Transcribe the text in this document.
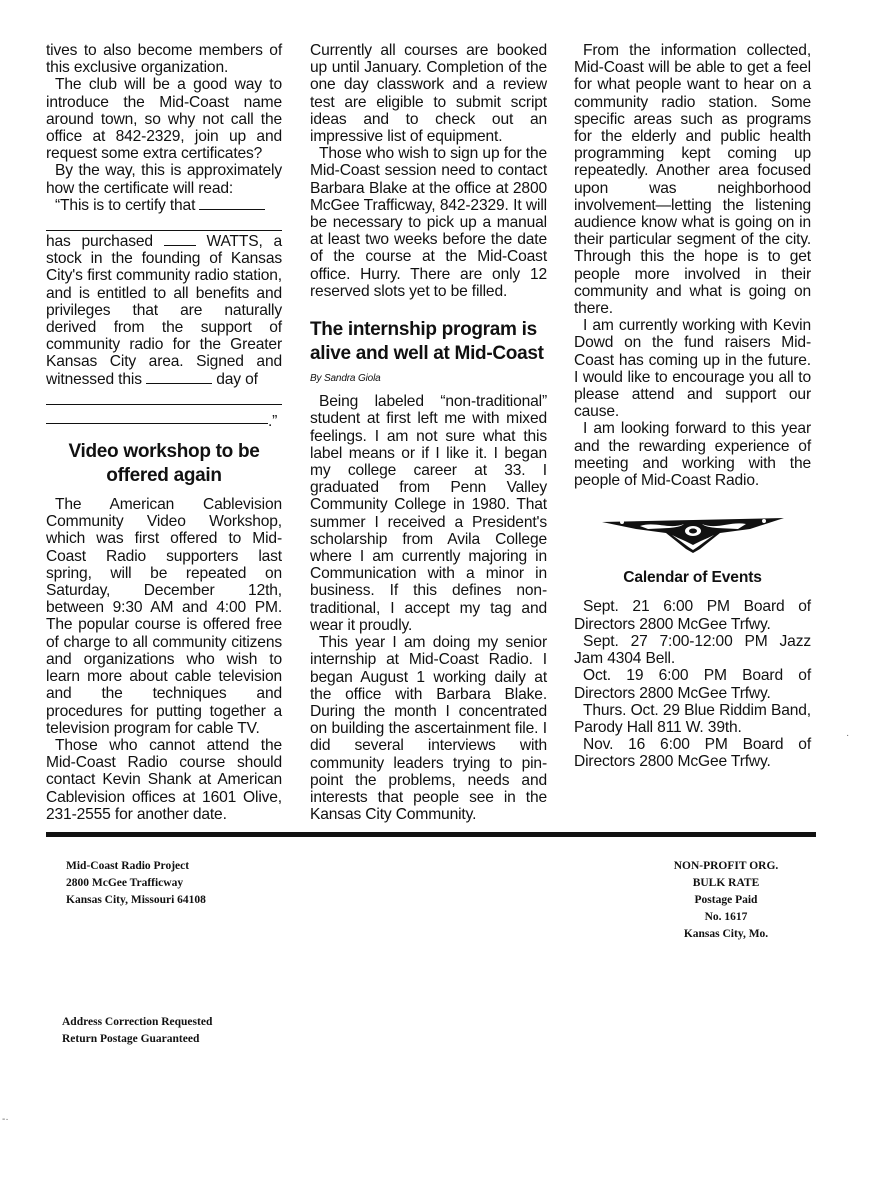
tives to also become members of this exclusive organization.

The club will be a good way to introduce the Mid-Coast name around town, so why not call the office at 842-2329, join up and request some extra certificates?

By the way, this is approximately how the certificate will read:

“This is to certify that

has purchased	WATTS, a stock in the founding of Kansas City's first community radio station, and is entitled to all benefits and privileges that are naturally derived from the support of community radio for the Greater Kansas City area. Signed and witnessed this	day of

.”
Video workshop to be offered again

The American Cablevision Community Video Workshop, which was first offered to Mid-Coast Radio supporters last spring, will be repeated on Saturday, December 12th, between 9:30 AM and 4:00 PM. The popular course is offered free of charge to all community citizens and organizations who wish to learn more about cable television and the techniques and procedures for putting together a television program for cable TV.

Those who cannot attend the Mid-Coast Radio course should contact Kevin Shank at American Cablevision offices at 1601 Olive, 231-2555 for another date.

Currently all courses are booked up until January. Completion of the one day classwork and a review test are eligible to submit script ideas and to check out an impressive list of equipment.

Those who wish to sign up for the Mid-Coast session need to contact Barbara Blake at the office at 2800 McGee Trafficway, 842-2329. It will be necessary to pick up a manual at least two weeks before the date of the course at the Mid-Coast office. Hurry. There are only 12 reserved slots yet to be filled.

The internship program is alive and well at Mid-Coast
By Sandra Giola

Being labeled “non-traditional” student at first left me with mixed feelings. I am not sure what this label means or if I like it. I began my college career at 33. I graduated from Penn Valley Community College in 1980. That summer I received a President's scholarship from Avila College where I am currently majoring in Communication with a minor in business. If this defines non-traditional, I accept my tag and wear it proudly.

This year I am doing my senior internship at Mid-Coast Radio. I began August 1 working daily at the office with Barbara Blake. During the month I concentrated on building the ascertainment file. I did several interviews with community leaders trying to pin-point the problems, needs and interests that people see in the Kansas City Community.

From the information collected, Mid-Coast will be able to get a feel for what people want to hear on a community radio station. Some specific areas such as programs for the elderly and public health programming kept coming up repeatedly. Another area focused upon was neighborhood involvement—letting the listening audience know what is going on in their particular segment of the city. Through this the hope is to get people more involved in their community and what is going on there.

I am currently working with Kevin Dowd on the fund raisers Mid-Coast has coming up in the future. I would like to encourage you all to please attend and support our cause.

I am looking forward to this year and the rewarding experience of meeting and working with the people of Mid-Coast Radio.

Calendar of Events

Sept. 21 6:00 PM Board of Directors 2800 McGee Trfwy.

Sept. 27 7:00-12:00 PM Jazz Jam 4304 Bell.

Oct. 19 6:00 PM Board of Directors 2800 McGee Trfwy.

Thurs. Oct. 29 Blue Riddim Band, Parody Hall 811 W. 39th.

Nov. 16 6:00 PM Board of Directors 2800 McGee Trfwy.

Mid-Coast Radio Project
2800 McGee Trafficway
Kansas City, Missouri 64108
NON-PROFIT ORG.
BULK RATE
Postage Paid
No. 1617
Kansas City, Mo.
Address Correction Requested
Return Postage Guaranteed
-·
·
